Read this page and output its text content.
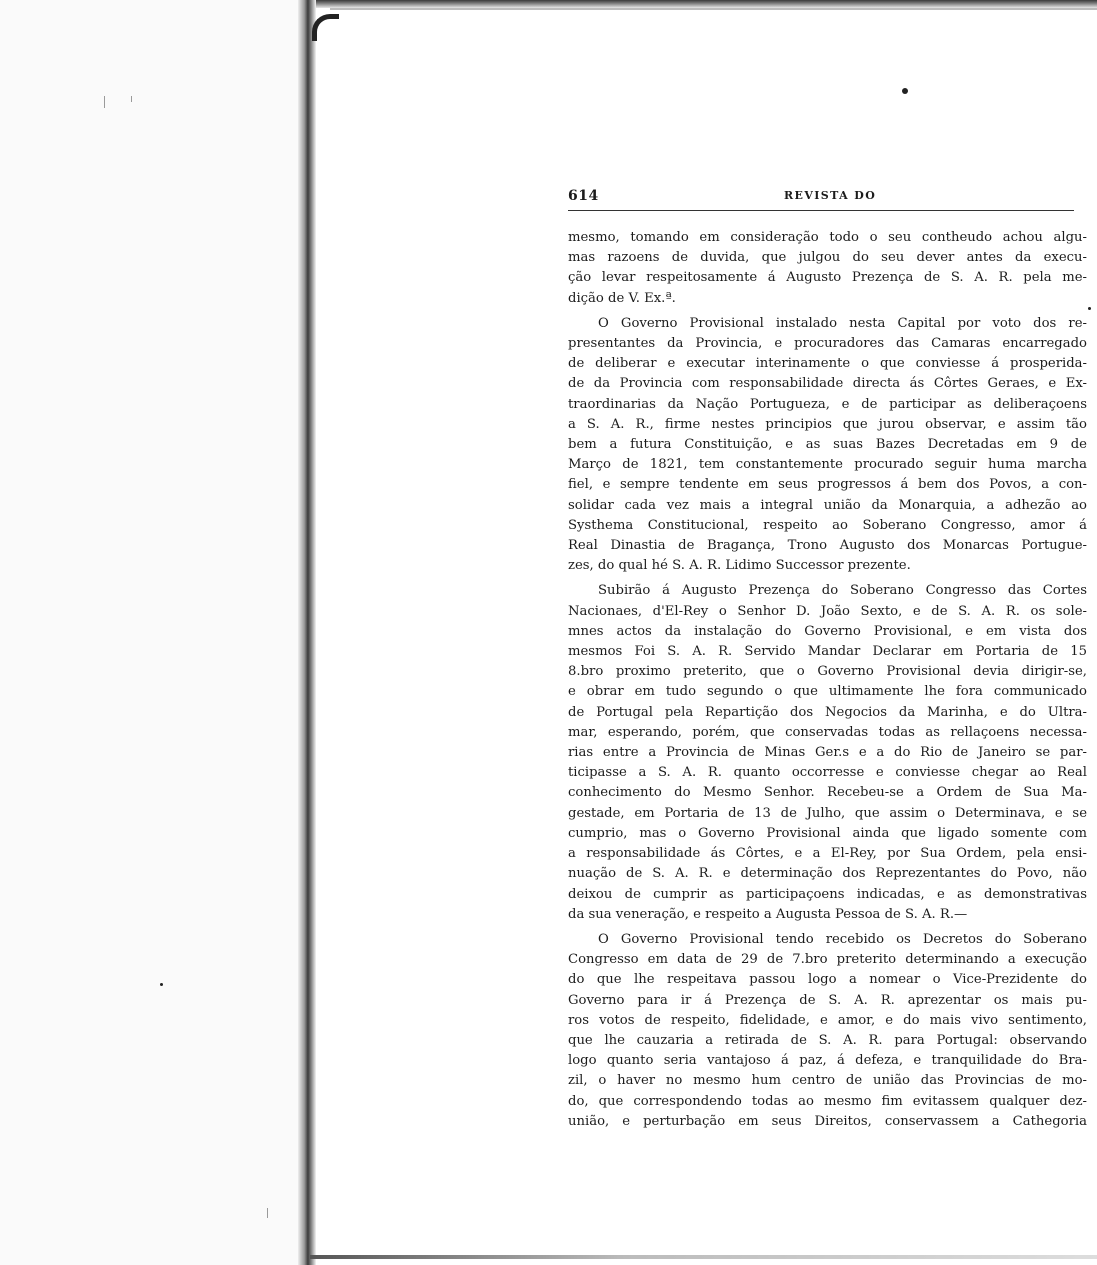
614	REVISTA DO

mesmo, tomando em consideração todo o seu contheudo achou algu-
mas razoens de duvida, que julgou do seu dever antes da execu-
ção levar respeitosamente á Augusto Prezença de S. A. R. pela me-
dição de V. Ex.ª.

O Governo Provisional instalado nesta Capital por voto dos re-
presentantes da Provincia, e procuradores das Camaras encarregado
de deliberar e executar interinamente o que conviesse á prosperida-
de da Provincia com responsabilidade directa ás Côrtes Geraes, e Ex-
traordinarias da Nação Portugueza, e de participar as deliberaçoens
a S. A. R., firme nestes principios que jurou observar, e assim tão
bem a futura Constituição, e as suas Bazes Decretadas em 9 de
Março de 1821, tem constantemente procurado seguir huma marcha
fiel, e sempre tendente em seus progressos á bem dos Povos, a con-
solidar cada vez mais a integral união da Monarquia, a adhezão ao
Systhema Constitucional, respeito ao Soberano Congresso, amor á
Real Dinastia de Bragança, Trono Augusto dos Monarcas Portugue-
zes, do qual hé S. A. R. Lidimo Successor prezente.

Subirão á Augusto Prezença do Soberano Congresso das Cortes
Nacionaes, d'El-Rey o Senhor D. João Sexto, e de S. A. R. os sole-
mnes actos da instalação do Governo Provisional, e em vista dos
mesmos Foi S. A. R. Servido Mandar Declarar em Portaria de 15
8.bro proximo preterito, que o Governo Provisional devia dirigir-se,
e obrar em tudo segundo o que ultimamente lhe fora communicado
de Portugal pela Repartição dos Negocios da Marinha, e do Ultra-
mar, esperando, porém, que conservadas todas as rellaçoens necessa-
rias entre a Provincia de Minas Ger.s e a do Rio de Janeiro se par-
ticipasse a S. A. R. quanto occorresse e conviesse chegar ao Real
conhecimento do Mesmo Senhor. Recebeu-se a Ordem de Sua Ma-
gestade, em Portaria de 13 de Julho, que assim o Determinava, e se
cumprio, mas o Governo Provisional ainda que ligado somente com
a responsabilidade ás Côrtes, e a El-Rey, por Sua Ordem, pela ensi-
nuação de S. A. R. e determinação dos Reprezentantes do Povo, não
deixou de cumprir as participaçoens indicadas, e as demonstrativas
da sua veneração, e respeito a Augusta Pessoa de S. A. R.—

O Governo Provisional tendo recebido os Decretos do Soberano
Congresso em data de 29 de 7.bro preterito determinando a execução
do que lhe respeitava passou logo a nomear o Vice-Prezidente do
Governo para ir á Prezença de S. A. R. aprezentar os mais pu-
ros votos de respeito, fidelidade, e amor, e do mais vivo sentimento,
que lhe cauzaria a retirada de S. A. R. para Portugal: observando
logo quanto seria vantajoso á paz, á defeza, e tranquilidade do Bra-
zil, o haver no mesmo hum centro de união das Provincias de mo-
do, que correspondendo todas ao mesmo fim evitassem qualquer dez-
união, e perturbação em seus Direitos, conservassem a Cathegoria
